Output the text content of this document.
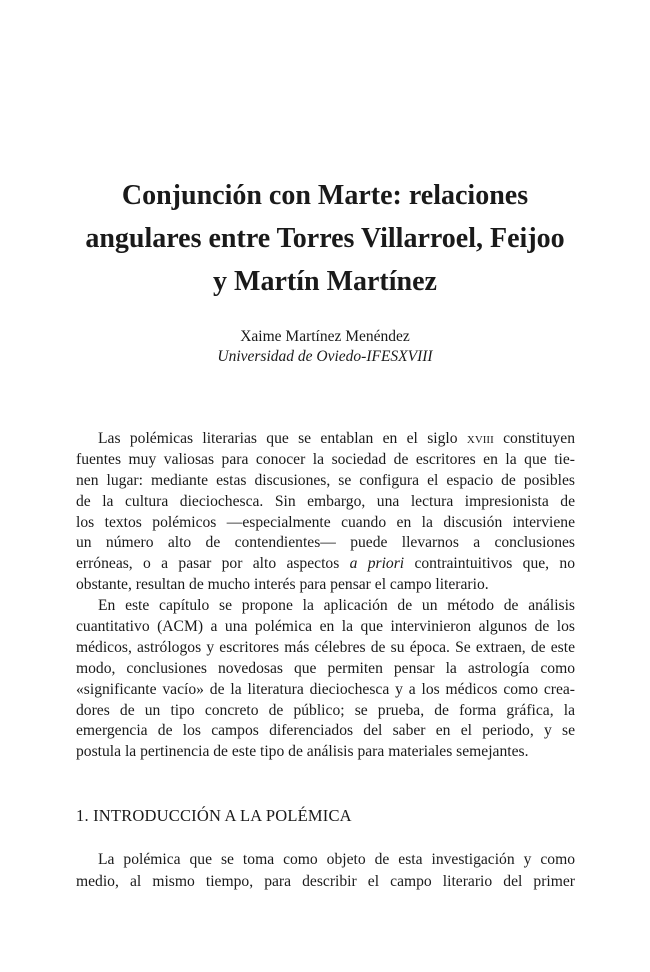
Conjunción con Marte: relaciones
angulares entre Torres Villarroel, Feijoo
y Martín Martínez
Xaime Martínez Menéndez
Universidad de Oviedo-IFESXVIII

Las polémicas literarias que se entablan en el siglo xviii constituyen
fuentes muy valiosas para conocer la sociedad de escritores en la que tie-
nen lugar: mediante estas discusiones, se configura el espacio de posibles
de la cultura dieciochesca. Sin embargo, una lectura impresionista de
los textos polémicos —especialmente cuando en la discusión interviene
un número alto de contendientes— puede llevarnos a conclusiones
erróneas, o a pasar por alto aspectos a priori contraintuitivos que, no
obstante, resultan de mucho interés para pensar el campo literario.

En este capítulo se propone la aplicación de un método de análisis
cuantitativo (ACM) a una polémica en la que intervinieron algunos de los
médicos, astrólogos y escritores más célebres de su época. Se extraen, de este
modo, conclusiones novedosas que permiten pensar la astrología como
«significante vacío» de la literatura dieciochesca y a los médicos como crea-
dores de un tipo concreto de público; se prueba, de forma gráfica, la
emergencia de los campos diferenciados del saber en el periodo, y se
postula la pertinencia de este tipo de análisis para materiales semejantes.

1. INTRODUCCIÓN A LA POLÉMICA
La polémica que se toma como objeto de esta investigación y como
medio, al mismo tiempo, para describir el campo literario del primer
